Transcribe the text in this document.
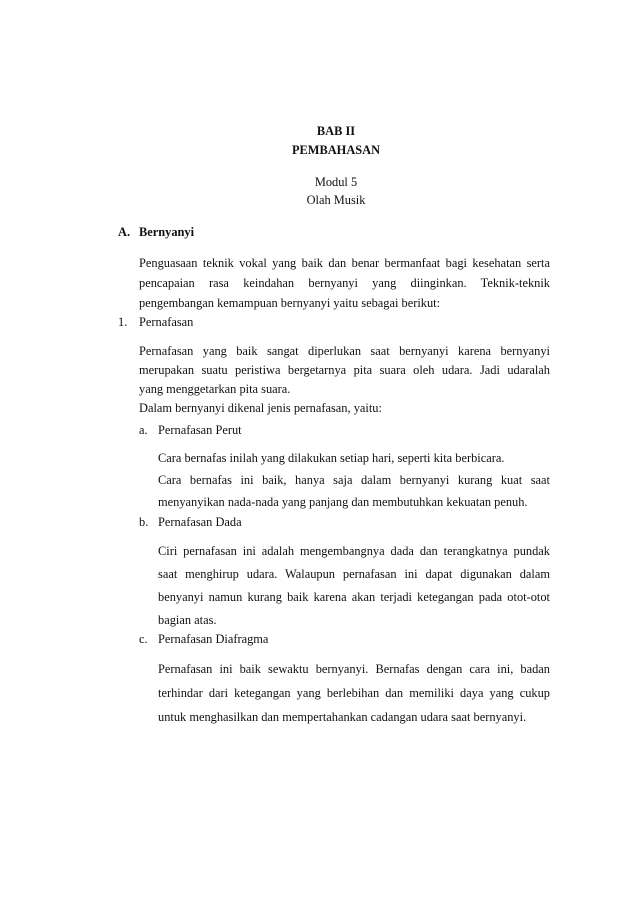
BAB II
PEMBAHASAN
Modul 5
Olah Musik
A. Bernyanyi
Penguasaan teknik vokal yang baik dan benar bermanfaat bagi kesehatan serta
pencapaian rasa keindahan bernyanyi yang diinginkan. Teknik-teknik
pengembangan kemampuan bernyanyi yaitu sebagai berikut:
1. Pernafasan
Pernafasan yang baik sangat diperlukan saat bernyanyi karena bernyanyi
merupakan suatu peristiwa bergetarnya pita suara oleh udara. Jadi udaralah
yang menggetarkan pita suara.
Dalam bernyanyi dikenal jenis pernafasan, yaitu:
a. Pernafasan Perut
Cara bernafas inilah yang dilakukan setiap hari, seperti kita berbicara.
Cara bernafas ini baik, hanya saja dalam bernyanyi kurang kuat saat
menyanyikan nada-nada yang panjang dan membutuhkan kekuatan penuh.
b. Pernafasan Dada
Ciri pernafasan ini adalah mengembangnya dada dan terangkatnya pundak
saat menghirup udara. Walaupun pernafasan ini dapat digunakan dalam
benyanyi namun kurang baik karena akan terjadi ketegangan pada otot-otot
bagian atas.
c. Pernafasan Diafragma
Pernafasan ini baik sewaktu bernyanyi. Bernafas dengan cara ini, badan
terhindar dari ketegangan yang berlebihan dan memiliki daya yang cukup
untuk menghasilkan dan mempertahankan cadangan udara saat bernyanyi.
